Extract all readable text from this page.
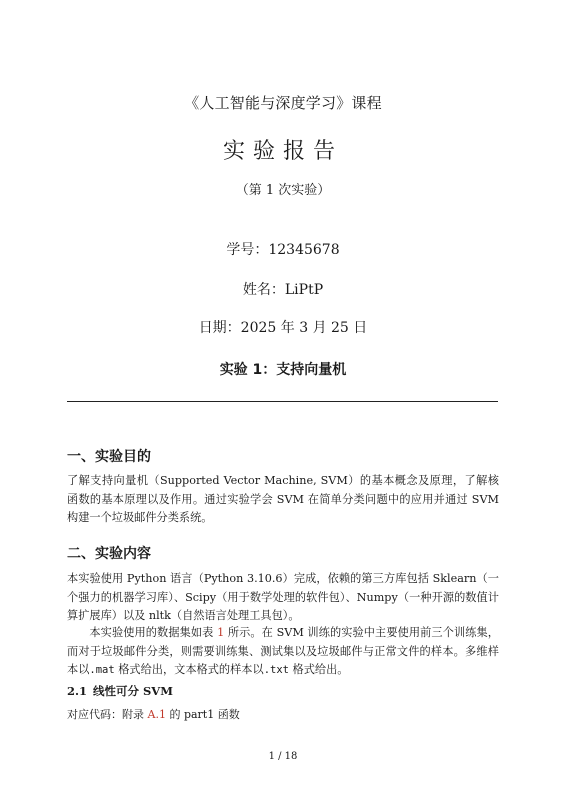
《人工智能与深度学习》课程
实验报告
（第 1 次实验）
学号：12345678
姓名：LiPtP
日期：2025 年 3 月 25 日
实验 1：支持向量机
一、实验目的

了解支持向量机（Supported Vector Machine, SVM）的基本概念及原理，了解核函数的基本原理以及作用。通过实验学会 SVM 在简单分类问题中的应用并通过 SVM 构建一个垃圾邮件分类系统。

二、实验内容

本实验使用 Python 语言（Python 3.10.6）完成，依赖的第三方库包括 Sklearn（一个强力的机器学习库）、Scipy（用于数学处理的软件包）、Numpy（一种开源的数值计算扩展库）以及 nltk（自然语言处理工具包）。

本实验使用的数据集如表 1 所示。在 SVM 训练的实验中主要使用前三个训练集，而对于垃圾邮件分类，则需要训练集、测试集以及垃圾邮件与正常文件的样本。多维样本以.mat 格式给出，文本格式的样本以.txt 格式给出。

2.1 线性可分 SVM
对应代码：附录 A.1 的 part1 函数
1 / 18
